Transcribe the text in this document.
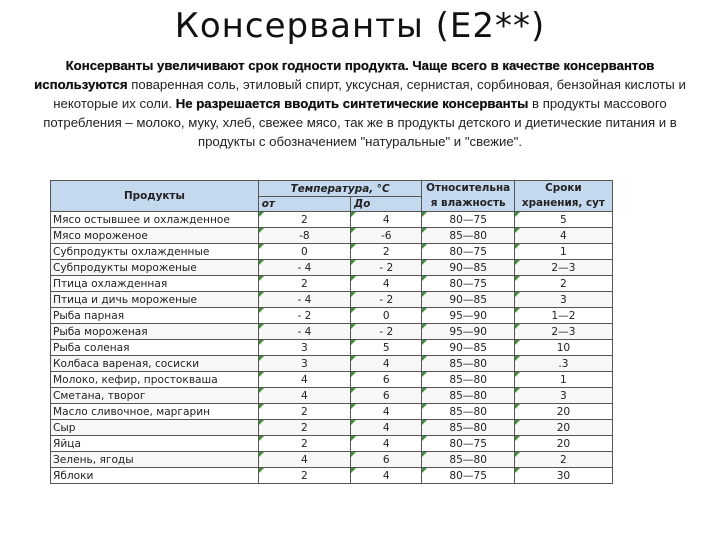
Консерванты (Е2**)
Консерванты увеличивают срок годности продукта. Чаще всего в качестве консервантов используются поваренная соль, этиловый спирт, уксусная, сернистая, сорбиновая, бензойная кислоты и некоторые их соли. Не разрешается вводить синтетические консерванты в продукты массового потребления – молоко, муку, хлеб, свежее мясо, так же в продукты детского и диетические питания и в продукты с обозначением "натуральные" и "свежие".
Продукты	Температура, °С		Относительна я влажность	Сроки хранения, сут
	от	До		
Мясо остывшее и охлажденное	2	4	80—75	5
Мясо мороженое	-8	-6	85—80	4
Субпродукты охлажденные	0	2	80—75	1
Субпродукты мороженые	- 4	- 2	90—85	2—3
Птица охлажденная	2	4	80—75	2
Птица и дичь мороженые	- 4	- 2	90—85	3
Рыба парная	- 2	0	95—90	1—2
Рыба мороженая	- 4	- 2	95—90	2—3
Рыба соленая	3	5	90—85	10
Колбаса вареная, сосиски	3	4	85—80	.3
Молоко, кефир, простокваша	4	6	85—80	1
Сметана, творог	4	6	85—80	3
Масло сливочное, маргарин	2	4	85—80	20
Сыр	2	4	85—80	20
Яйца	2	4	80—75	20
Зелень, ягоды	4	6	85—80	2
Яблоки	2	4	80—75	30
